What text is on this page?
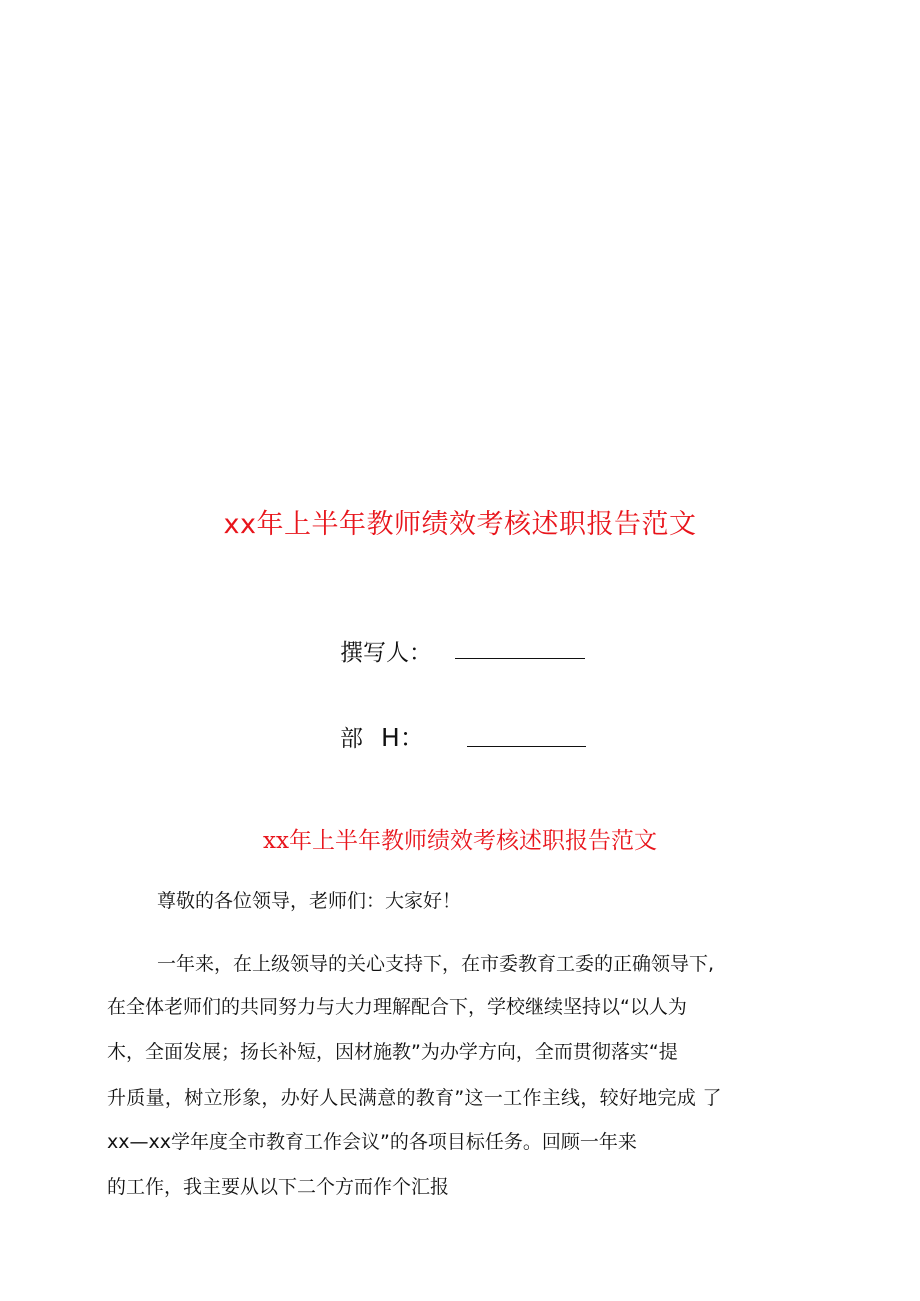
xx年上半年教师绩效考核述职报告范文
撰写人：
部 H：
xx年上半年教师绩效考核述职报告范文
尊敬的各位领导，老师们：大家好！
一年来，在上级领导的关心支持下，在市委教育工委的正确领导下,
在全体老师们的共同努力与大力理解配合下，学校继续坚持以“以人为
木，全面发展；扬长补短，因材施教”为办学方向，全而贯彻落实“提
升质量，树立形象，办好人民满意的教育”这一工作主线，较好地完成 了
xx—xx学年度全市教育工作会议”的各项目标任务。回顾一年来
的工作，我主要从以下二个方而作个汇报
